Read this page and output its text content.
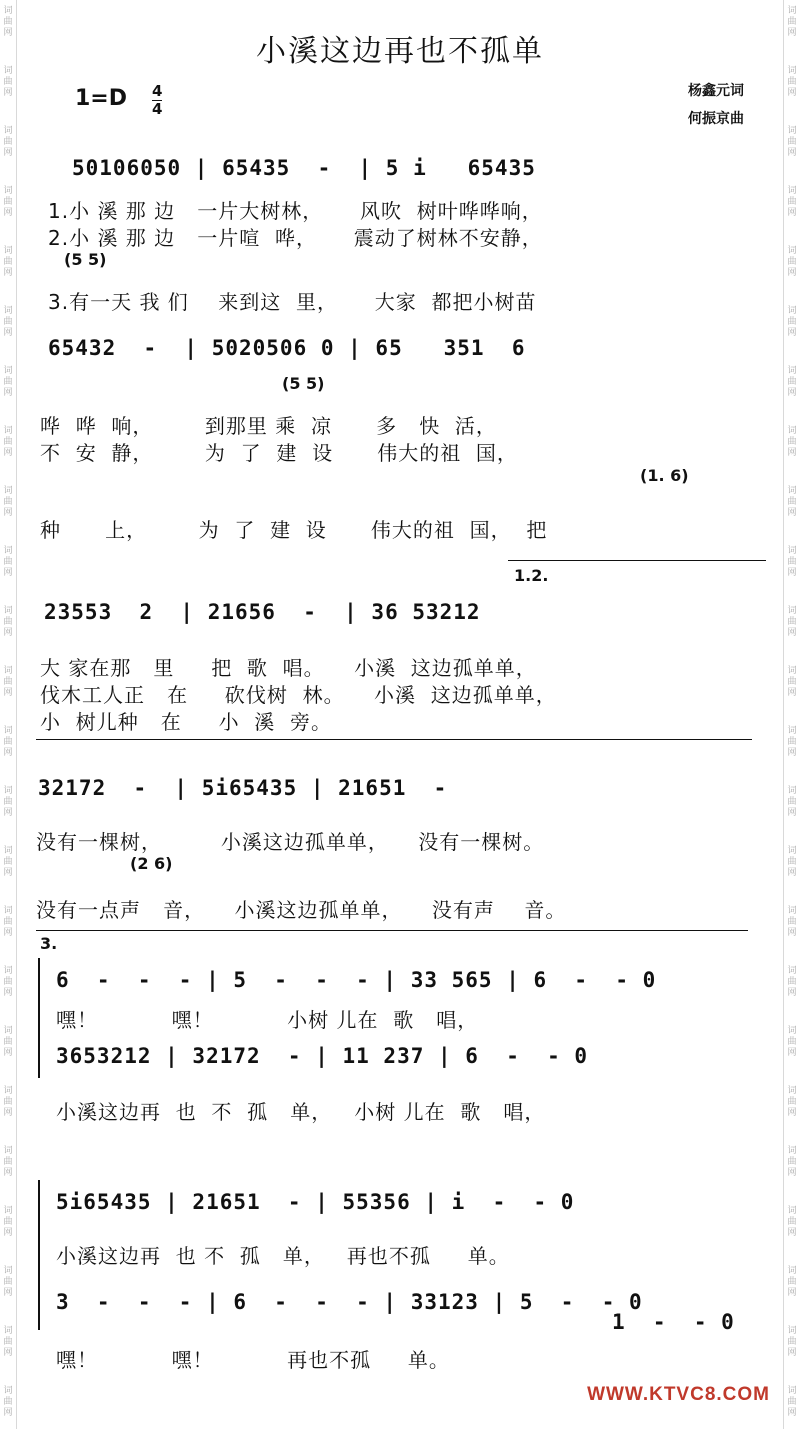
词
曲
网
词
曲
网
词
曲
网
词
曲
网
词
曲
网
词
曲
网
词
曲
网
词
曲
网
词
曲
网
词
曲
网
词
曲
网
词
曲
网
词
曲
网
词
曲
网
词
曲
网
词
曲
网
词
曲
网
词
曲
网
词
曲
网
词
曲
网
词
曲
网
词
曲
网
词
曲
网
词
曲
网
词
曲
网
词
曲
网
词
曲
网
词
曲
网
词
曲
网
词
曲
网
词
曲
网
词
曲
网
词
曲
网
词
曲
网
词
曲
网
词
曲
网
词
曲
网
词
曲
网
词
曲
网
词
曲
网
词
曲
网
词
曲
网
词
曲
网
词
曲
网
词
曲
网
词
曲
网
词
曲
网
词
曲
网
小溪这边再也不孤单
1=D 4
4
杨鑫元词
何振京曲
50106050 | 65435  -  | 5 i   65435
1.小 溪 那 边   一片大树林，     风吹  树叶哗哗响，
2.小 溪 那 边   一片喧  哗，     震动了树林不安静，
(5 5)
3.有一天 我 们    来到这  里，     大家  都把小树苗
65432  -  | 5020506 0 | 65   351  6
(5 5)
哗  哗  响，       到那里 乘  凉      多   快  活，
不  安  静，       为  了  建  设      伟大的祖  国，
(1. 6)
种      上，       为  了  建  设      伟大的祖  国，  把
1.2.
23553  2  | 21656  -  | 36 53212
大 家在那   里     把  歌  唱。    小溪  这边孤单单，
伐木工人正   在     砍伐树  林。    小溪  这边孤单单，
小  树儿种   在     小  溪  旁。
32172  -  | 5i65435 | 21651  -
没有一棵树，        小溪这边孤单单，    没有一棵树。
(2 6)
没有一点声   音，    小溪这边孤单单，    没有声    音。
3.
6  -  -  - | 5  -  -  - | 33 565 | 6  -  - 0
嘿！          嘿！          小树 儿在  歌   唱，
3653212 | 32172  - | 11 237 | 6  -  - 0
小溪这边再  也  不  孤   单，   小树 儿在  歌   唱，
5i65435 | 21651  - | 55356 | i  -  - 0
小溪这边再  也 不  孤   单，   再也不孤     单。
3  -  -  - | 6  -  -  - | 33123 | 5  -  - 0
1  -  - 0
嘿！          嘿！          再也不孤     单。
WWW.KTVC8.COM
